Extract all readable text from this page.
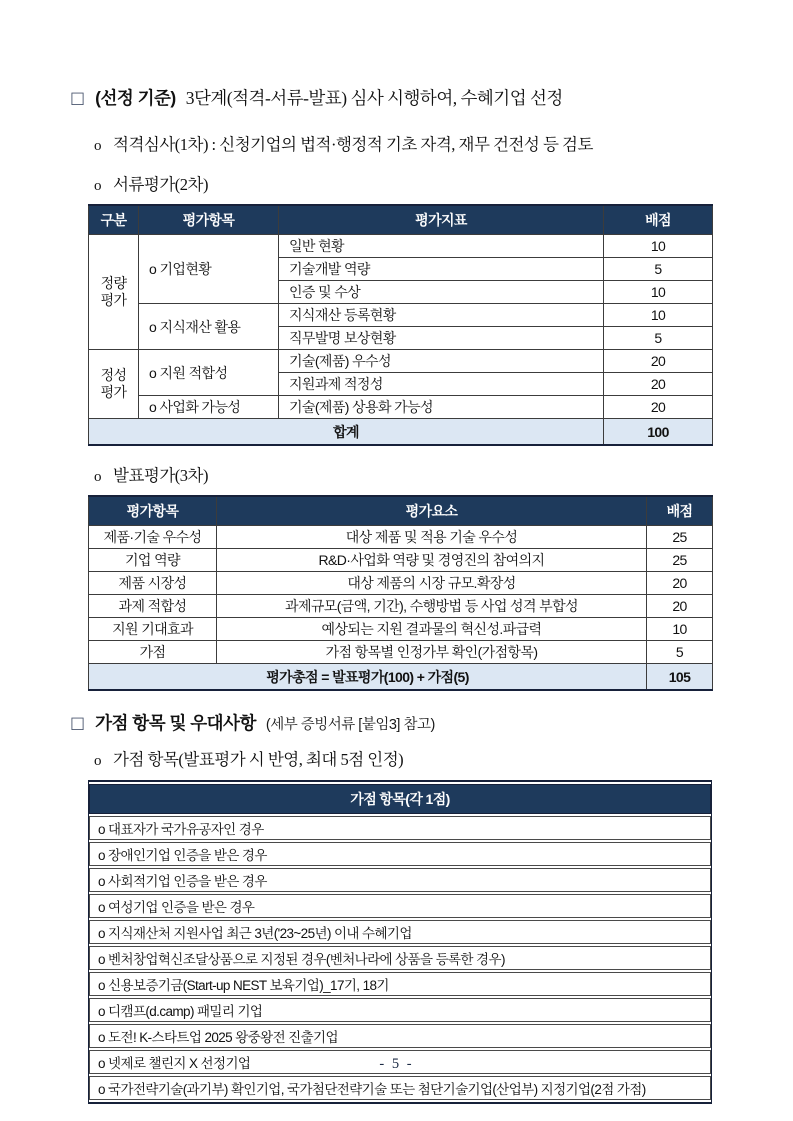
□ (선정 기준) 3단계(적격-서류-발표) 심사 시행하여, 수혜기업 선정
o 적격심사(1차) : 신청기업의 법적·행정적 기초 자격, 재무 건전성 등 검토
o 서류평가(2차)
구분	평가항목	평가지표	배점
정량평가	o 기업현황	일반 현황	10
		기술개발 역량	5
		인증 및 수상	10
	o 지식재산 활용	지식재산 등록현황	10
		직무발명 보상현황	5
정성평가	o 지원 적합성	기술(제품) 우수성	20
		지원과제 적정성	20
	o 사업화 가능성	기술(제품) 상용화 가능성	20
합계			100
o 발표평가(3차)
평가항목	평가요소	배점
제품·기술 우수성	대상 제품 및 적용 기술 우수성	25
기업 역량	R&D·사업화 역량 및 경영진의 참여의지	25
제품 시장성	대상 제품의 시장 규모.확장성	20
과제 적합성	과제규모(금액, 기간), 수행방법 등 사업 성격 부합성	20
지원 기대효과	예상되는 지원 결과물의 혁신성.파급력	10
가점	가점 항목별 인정가부 확인(가점항목)	5
평가총점 = 발표평가(100) + 가점(5)		105
□ 가점 항목 및 우대사항 (세부 증빙서류 [붙임3] 참고)
o 가점 항목(발표평가 시 반영, 최대 5점 인정)
가점 항목(각 1점)
o 대표자가 국가유공자인 경우
o 장애인기업 인증을 받은 경우
o 사회적기업 인증을 받은 경우
o 여성기업 인증을 받은 경우
o 지식재산처 지원사업 최근 3년('23~25년) 이내 수혜기업
o 벤처창업혁신조달상품으로 지정된 경우(벤처나라에 상품을 등록한 경우)
o 신용보증기금(Start-up NEST 보육기업)_17기, 18기
o 디캠프(d.camp) 패밀리 기업
o 도전! K-스타트업 2025 왕중왕전 진출기업
o 넷제로 챌린지 X 선정기업
o 국가전략기술(과기부) 확인기업, 국가첨단전략기술 또는 첨단기술기업(산업부) 지정기업(2점 가점)
- 5 -
